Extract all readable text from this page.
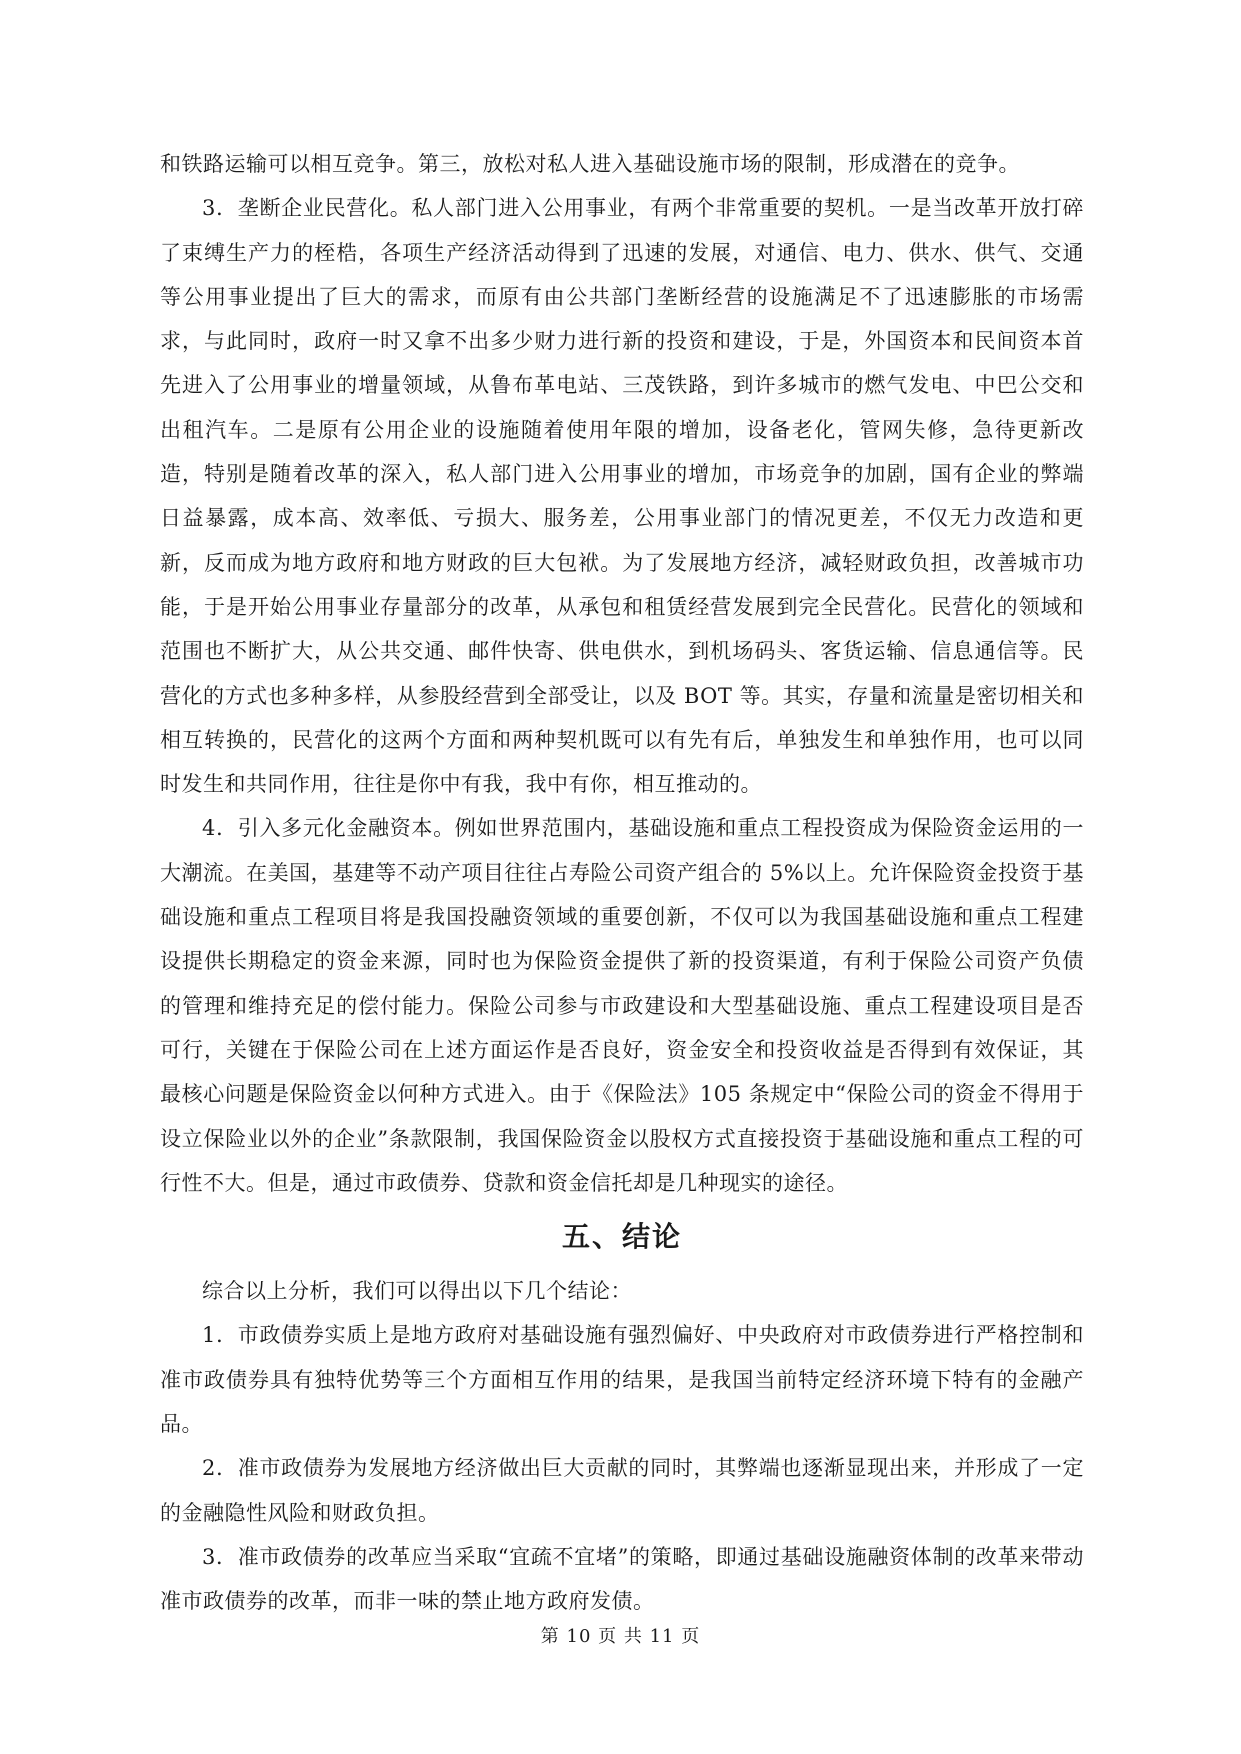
和铁路运输可以相互竞争。第三，放松对私人进入基础设施市场的限制，形成潜在的竞争。

3．垄断企业民营化。私人部门进入公用事业，有两个非常重要的契机。一是当改革开放打碎了束缚生产力的桎梏，各项生产经济活动得到了迅速的发展，对通信、电力、供水、供气、交通等公用事业提出了巨大的需求，而原有由公共部门垄断经营的设施满足不了迅速膨胀的市场需求，与此同时，政府一时又拿不出多少财力进行新的投资和建设，于是，外国资本和民间资本首先进入了公用事业的增量领域，从鲁布革电站、三茂铁路，到许多城市的燃气发电、中巴公交和出租汽车。二是原有公用企业的设施随着使用年限的增加，设备老化，管网失修，急待更新改造，特别是随着改革的深入，私人部门进入公用事业的增加，市场竞争的加剧，国有企业的弊端日益暴露，成本高、效率低、亏损大、服务差，公用事业部门的情况更差，不仅无力改造和更新，反而成为地方政府和地方财政的巨大包袱。为了发展地方经济，减轻财政负担，改善城市功能，于是开始公用事业存量部分的改革，从承包和租赁经营发展到完全民营化。民营化的领域和范围也不断扩大，从公共交通、邮件快寄、供电供水，到机场码头、客货运输、信息通信等。民营化的方式也多种多样，从参股经营到全部受让，以及 BOT 等。其实，存量和流量是密切相关和相互转换的，民营化的这两个方面和两种契机既可以有先有后，单独发生和单独作用，也可以同时发生和共同作用，往往是你中有我，我中有你，相互推动的。

4．引入多元化金融资本。例如世界范围内，基础设施和重点工程投资成为保险资金运用的一大潮流。在美国，基建等不动产项目往往占寿险公司资产组合的 5%以上。允许保险资金投资于基础设施和重点工程项目将是我国投融资领域的重要创新，不仅可以为我国基础设施和重点工程建设提供长期稳定的资金来源，同时也为保险资金提供了新的投资渠道，有利于保险公司资产负债的管理和维持充足的偿付能力。保险公司参与市政建设和大型基础设施、重点工程建设项目是否可行，关键在于保险公司在上述方面运作是否良好，资金安全和投资收益是否得到有效保证，其最核心问题是保险资金以何种方式进入。由于《保险法》105 条规定中“保险公司的资金不得用于设立保险业以外的企业”条款限制，我国保险资金以股权方式直接投资于基础设施和重点工程的可行性不大。但是，通过市政债券、贷款和资金信托却是几种现实的途径。

五、结论

综合以上分析，我们可以得出以下几个结论：

1．市政债券实质上是地方政府对基础设施有强烈偏好、中央政府对市政债券进行严格控制和准市政债券具有独特优势等三个方面相互作用的结果，是我国当前特定经济环境下特有的金融产品。

2．准市政债券为发展地方经济做出巨大贡献的同时，其弊端也逐渐显现出来，并形成了一定的金融隐性风险和财政负担。

3．准市政债券的改革应当采取“宜疏不宜堵”的策略，即通过基础设施融资体制的改革来带动准市政债券的改革，而非一味的禁止地方政府发债。

第 10 页 共 11 页
